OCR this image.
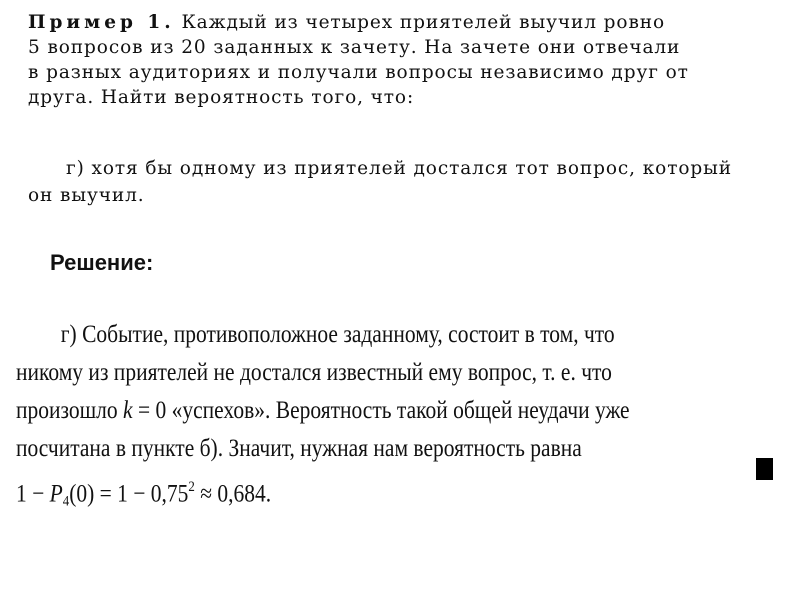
Пример 1. Каждый из четырех приятелей выучил ровно
5 вопросов из 20 заданных к зачету. На зачете они отвечали
в разных аудиториях и получали вопросы независимо друг от
друга. Найти вероятность того, что:
г) хотя бы одному из приятелей достался тот вопрос, который
он выучил.
Решение:
г) Событие, противоположное заданному, состоит в том, что
никому из приятелей не достался известный ему вопрос, т. е. что
произошло k = 0 «успехов». Вероятность такой общей неудачи уже
посчитана в пункте б). Значит, нужная нам вероятность равна
$1 - P_4(0) = 1 - 0,75^2 \approx 0,684$.
